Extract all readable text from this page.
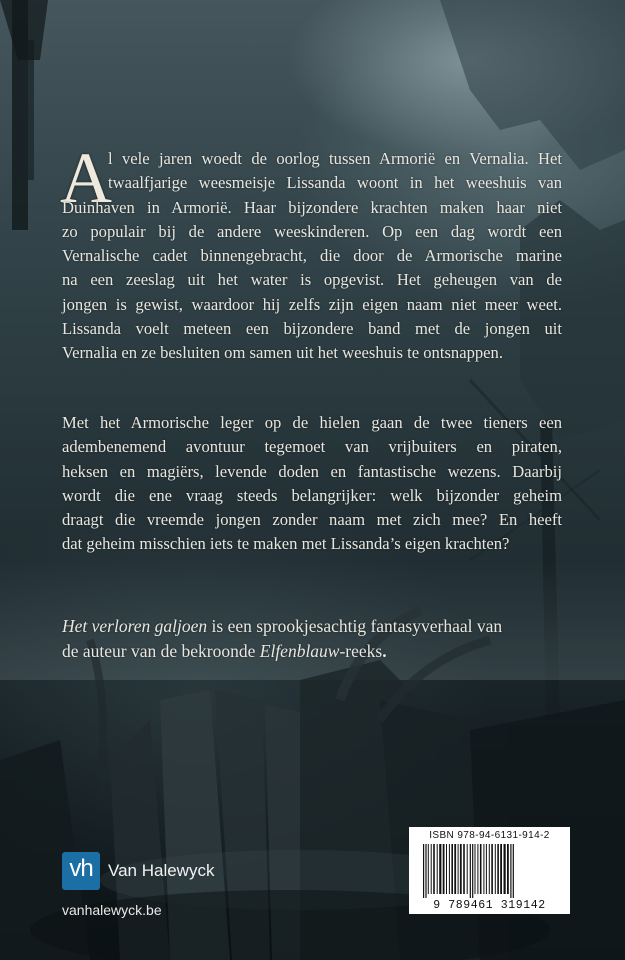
A

l vele jaren woedt de oorlog tussen Armorië en Vernalia. Het

twaalfjarige weesmeisje Lissanda woont in het weeshuis van

Duinhaven in Armorië. Haar bijzondere krachten maken haar niet

zo populair bij de andere weeskinderen. Op een dag wordt een

Vernalische cadet binnengebracht, die door de Armorische marine

na een zeeslag uit het water is opgevist. Het geheugen van de

jongen is gewist, waardoor hij zelfs zijn eigen naam niet meer weet.

Lissanda voelt meteen een bijzondere band met de jongen uit

Vernalia en ze besluiten om samen uit het weeshuis te ontsnappen.

Met het Armorische leger op de hielen gaan de twee tieners een

adembenemend avontuur tegemoet van vrijbuiters en piraten,

heksen en magiërs, levende doden en fantastische wezens. Daarbij

wordt die ene vraag steeds belangrijker: welk bijzonder geheim

draagt die vreemde jongen zonder naam met zich mee? En heeft

dat geheim misschien iets te maken met Lissanda’s eigen krachten?

Het verloren galjoen is een sprookjesachtig fantasyverhaal van

de auteur van de bekroonde Elfenblauw-reeks.

ISBN 978-94-6131-914-2
9 789461 319142
vh Van Halewyck
vanhalewyck.be
